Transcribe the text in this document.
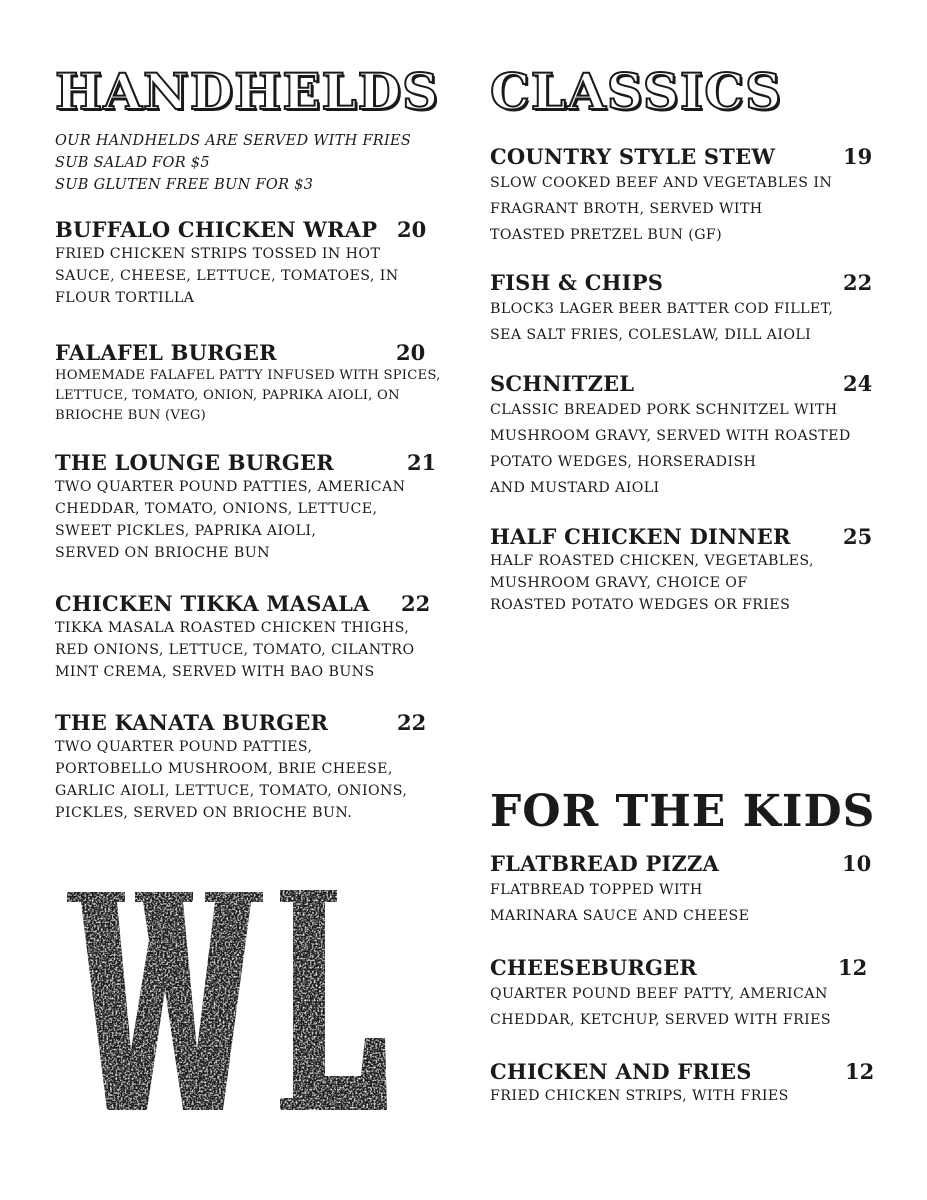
HANDHELDS
OUR HANDHELDS ARE SERVED WITH FRIES
SUB SALAD FOR $5
SUB GLUTEN FREE BUN FOR $3
BUFFALO CHICKEN WRAP 20
FRIED CHICKEN STRIPS TOSSED IN HOT
SAUCE, CHEESE, LETTUCE, TOMATOES, IN
FLOUR TORTILLA
FALAFEL BURGER	20
HOMEMADE FALAFEL PATTY INFUSED WITH SPICES,
LETTUCE, TOMATO, ONION, PAPRIKA AIOLI, ON
BRIOCHE BUN (VEG)
THE LOUNGE BURGER	21
TWO QUARTER POUND PATTIES, AMERICAN
CHEDDAR, TOMATO, ONIONS, LETTUCE,
SWEET PICKLES, PAPRIKA AIOLI,
SERVED ON BRIOCHE BUN
CHICKEN TIKKA MASALA 22
TIKKA MASALA ROASTED CHICKEN THIGHS,
RED ONIONS, LETTUCE, TOMATO, CILANTRO
MINT CREMA, SERVED WITH BAO BUNS
THE KANATA BURGER	22
TWO QUARTER POUND PATTIES,
PORTOBELLO MUSHROOM, BRIE CHEESE,
GARLIC AIOLI, LETTUCE, TOMATO, ONIONS,
PICKLES, SERVED ON BRIOCHE BUN.
CLASSICS
COUNTRY STYLE STEW	19
SLOW COOKED BEEF AND VEGETABLES IN
FRAGRANT BROTH, SERVED WITH
TOASTED PRETZEL BUN (GF)
FISH & CHIPS	22
BLOCK3 LAGER BEER BATTER COD FILLET,
SEA SALT FRIES, COLESLAW, DILL AIOLI
SCHNITZEL	24
CLASSIC BREADED PORK SCHNITZEL WITH
MUSHROOM GRAVY, SERVED WITH ROASTED
POTATO WEDGES, HORSERADISH
AND MUSTARD AIOLI
HALF CHICKEN DINNER 25
HALF ROASTED CHICKEN, VEGETABLES,
MUSHROOM GRAVY, CHOICE OF
ROASTED POTATO WEDGES OR FRIES
FOR THE KIDS
FLATBREAD PIZZA	10
FLATBREAD TOPPED WITH
MARINARA SAUCE AND CHEESE
CHEESEBURGER	12
QUARTER POUND BEEF PATTY, AMERICAN
CHEDDAR, KETCHUP, SERVED WITH FRIES
CHICKEN AND FRIES	12
FRIED CHICKEN STRIPS, WITH FRIES
